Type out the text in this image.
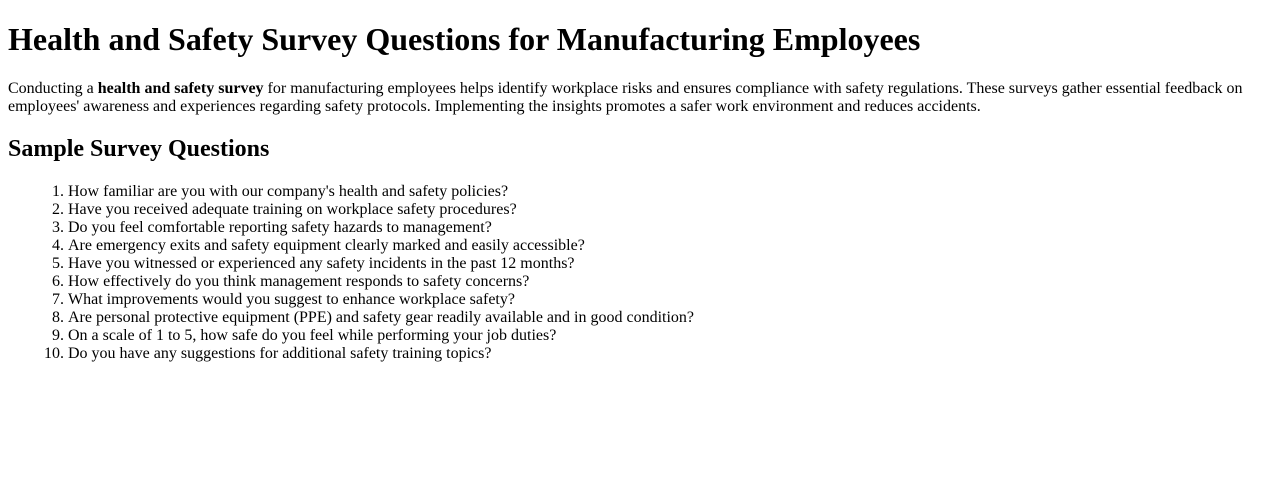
Health and Safety Survey Questions for Manufacturing Employees

Conducting a health and safety survey for manufacturing employees helps identify workplace risks and ensures compliance with safety regulations. These surveys gather essential feedback on employees' awareness and experiences regarding safety protocols. Implementing the insights promotes a safer work environment and reduces accidents.

Sample Survey Questions
1. How familiar are you with our company's health and safety policies?
2. Have you received adequate training on workplace safety procedures?
3. Do you feel comfortable reporting safety hazards to management?
4. Are emergency exits and safety equipment clearly marked and easily accessible?
5. Have you witnessed or experienced any safety incidents in the past 12 months?
6. How effectively do you think management responds to safety concerns?
7. What improvements would you suggest to enhance workplace safety?
8. Are personal protective equipment (PPE) and safety gear readily available and in good condition?
9. On a scale of 1 to 5, how safe do you feel while performing your job duties?
10. Do you have any suggestions for additional safety training topics?
